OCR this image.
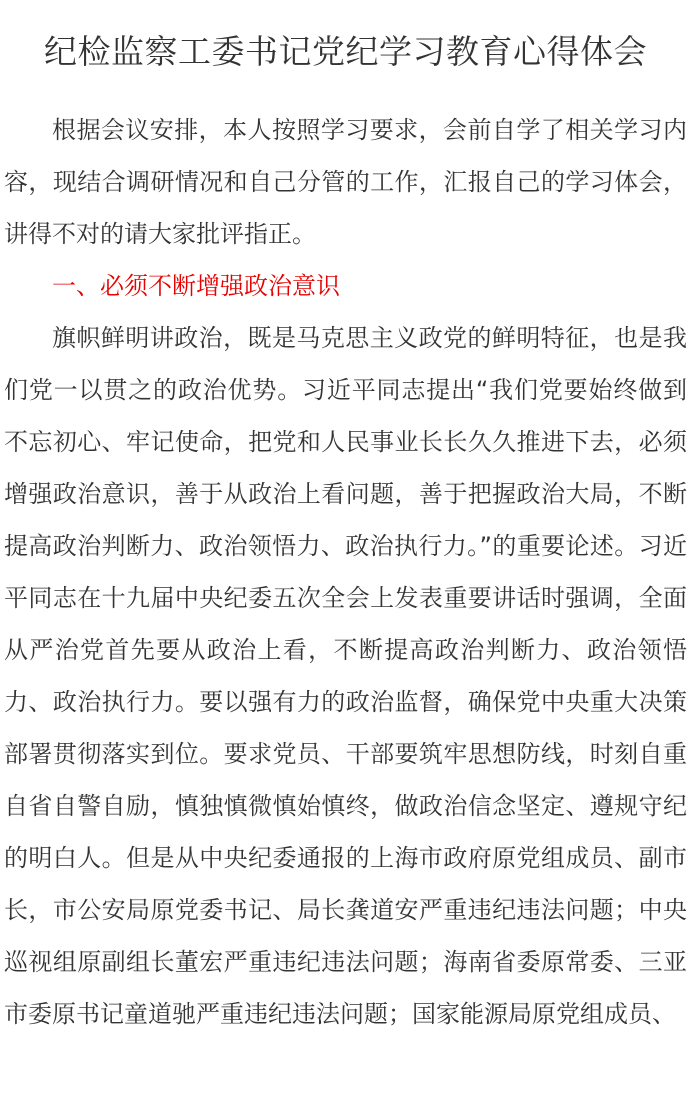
纪检监察工委书记党纪学习教育心得体会

根据会议安排，本人按照学习要求，会前自学了相关学习内容，现结合调研情况和自己分管的工作，汇报自己的学习体会，讲得不对的请大家批评指正。

一、必须不断增强政治意识

旗帜鲜明讲政治，既是马克思主义政党的鲜明特征，也是我们党一以贯之的政治优势。习近平同志提出“我们党要始终做到不忘初心、牢记使命，把党和人民事业长长久久推进下去，必须增强政治意识，善于从政治上看问题，善于把握政治大局，不断提高政治判断力、政治领悟力、政治执行力。”的重要论述。习近平同志在十九届中央纪委五次全会上发表重要讲话时强调，全面从严治党首先要从政治上看，不断提高政治判断力、政治领悟力、政治执行力。要以强有力的政治监督，确保党中央重大决策部署贯彻落实到位。要求党员、干部要筑牢思想防线，时刻自重自省自警自励，慎独慎微慎始慎终，做政治信念坚定、遵规守纪的明白人。但是从中央纪委通报的上海市政府原党组成员、副市长，市公安局原党委书记、局长龚道安严重违纪违法问题；中央巡视组原副组长董宏严重违纪违法问题；海南省委原常委、三亚市委原书记童道驰严重违纪违法问题；国家能源局原党组成员、
